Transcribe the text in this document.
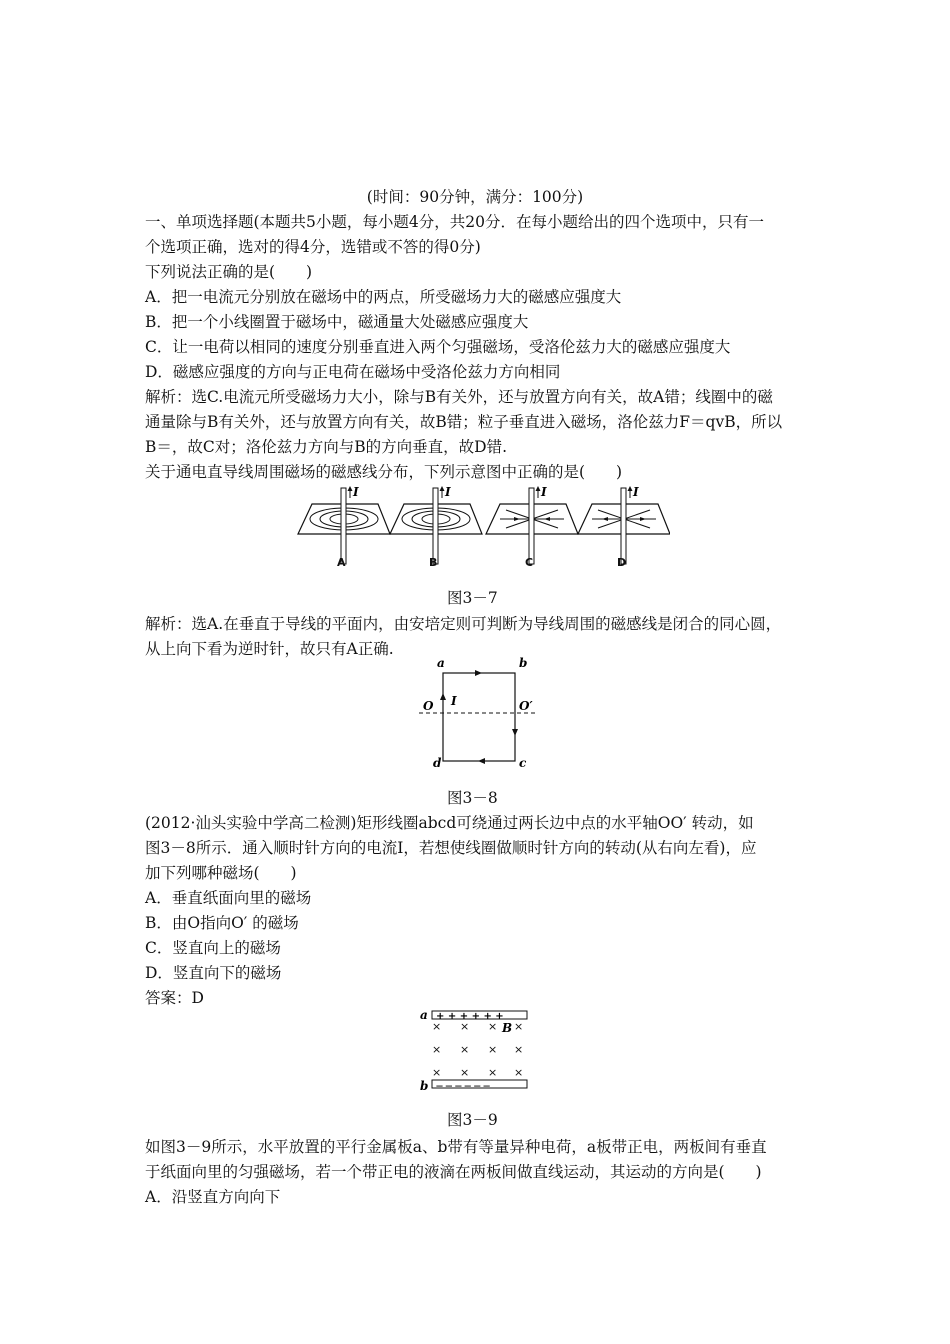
(时间：90分钟，满分：100分)
一、单项选择题(本题共5小题，每小题4分，共20分．在每小题给出的四个选项中，只有一
个选项正确，选对的得4分，选错或不答的得0分)
下列说法正确的是(　　)
A．把一电流元分别放在磁场中的两点，所受磁场力大的磁感应强度大
B．把一个小线圈置于磁场中，磁通量大处磁感应强度大
C．让一电荷以相同的速度分别垂直进入两个匀强磁场，受洛伦兹力大的磁感应强度大
D．磁感应强度的方向与正电荷在磁场中受洛伦兹力方向相同
解析：选C.电流元所受磁场力大小，除与B有关外，还与放置方向有关，故A错；线圈中的磁
通量除与B有关外，还与放置方向有关，故B错；粒子垂直进入磁场，洛伦兹力F＝qvB，所以
B＝，故C对；洛伦兹力方向与B的方向垂直，故D错.
关于通电直导线周围磁场的磁感线分布，下列示意图中正确的是(　　)
I	I	I	I
A	B	C	D
图3－7
解析：选A.在垂直于导线的平面内，由安培定则可判断为导线周围的磁感线是闭合的同心圆，
从上向下看为逆时针，故只有A正确.
a	b
c
d
O	O′
I
图3－8
(2012·汕头实验中学高二检测)矩形线圈abcd可绕通过两长边中点的水平轴OO′ 转动，如
图3－8所示．通入顺时针方向的电流I，若想使线圈做顺时针方向的转动(从右向左看)，应
加下列哪种磁场(　　)
A．垂直纸面向里的磁场
B．由O指向O′ 的磁场
C．竖直向上的磁场
D．竖直向下的磁场
答案：D
+ + + + + +
— — — — — —
× × × ×
× × × ×
× × × ×
a
b
B
图3－9
如图3－9所示，水平放置的平行金属板a、b带有等量异种电荷，a板带正电，两板间有垂直
于纸面向里的匀强磁场，若一个带正电的液滴在两板间做直线运动，其运动的方向是(　　)
A．沿竖直方向向下
